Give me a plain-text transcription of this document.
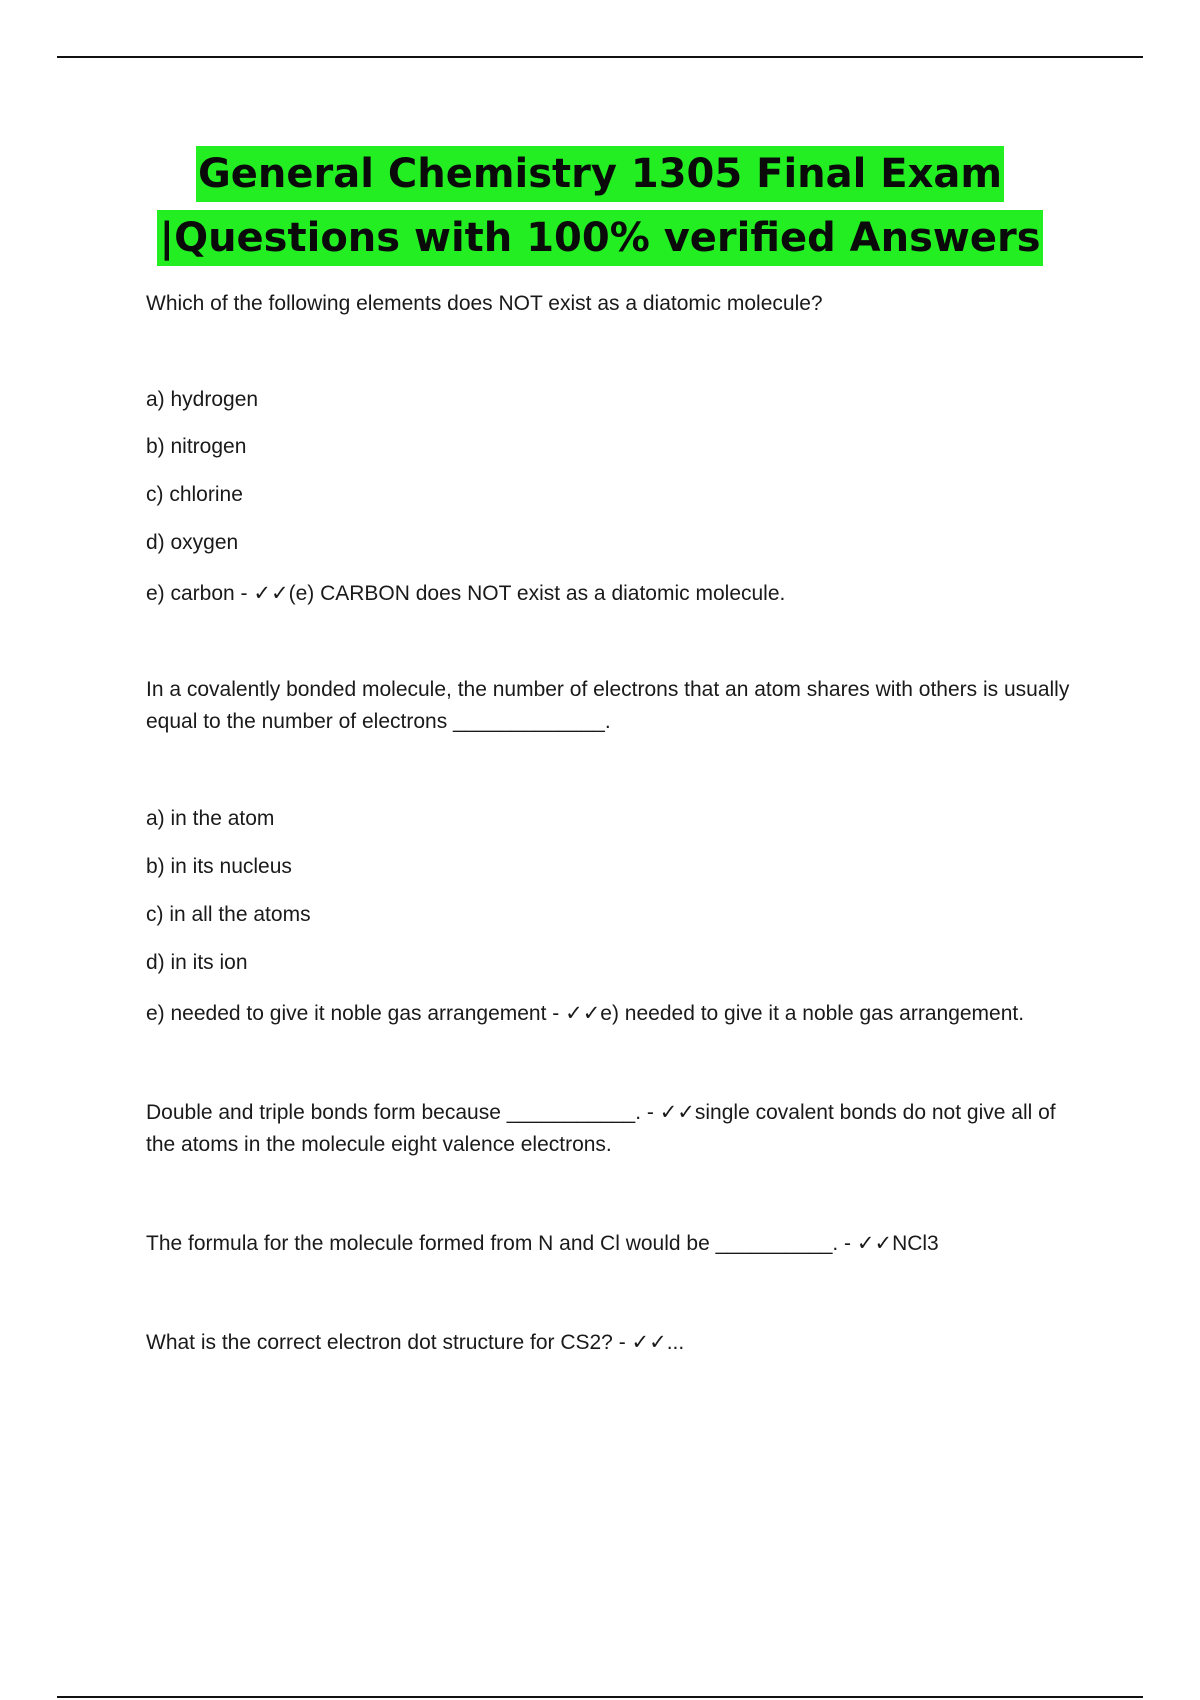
General Chemistry 1305 Final Exam
|Questions with 100% verified Answers

Which of the following elements does NOT exist as a diatomic molecule?

a) hydrogen

b) nitrogen

c) chlorine

d) oxygen

e) carbon - ✓✓(e) CARBON does NOT exist as a diatomic molecule.

In a covalently bonded molecule, the number of electrons that an atom shares with others is usually equal to the number of electrons _____________.

a) in the atom

b) in its nucleus

c) in all the atoms

d) in its ion

e) needed to give it noble gas arrangement - ✓✓e) needed to give it a noble gas arrangement.

Double and triple bonds form because ___________. - ✓✓single covalent bonds do not give all of the atoms in the molecule eight valence electrons.

The formula for the molecule formed from N and Cl would be __________. - ✓✓NCl3

What is the correct electron dot structure for CS2? - ✓✓...
